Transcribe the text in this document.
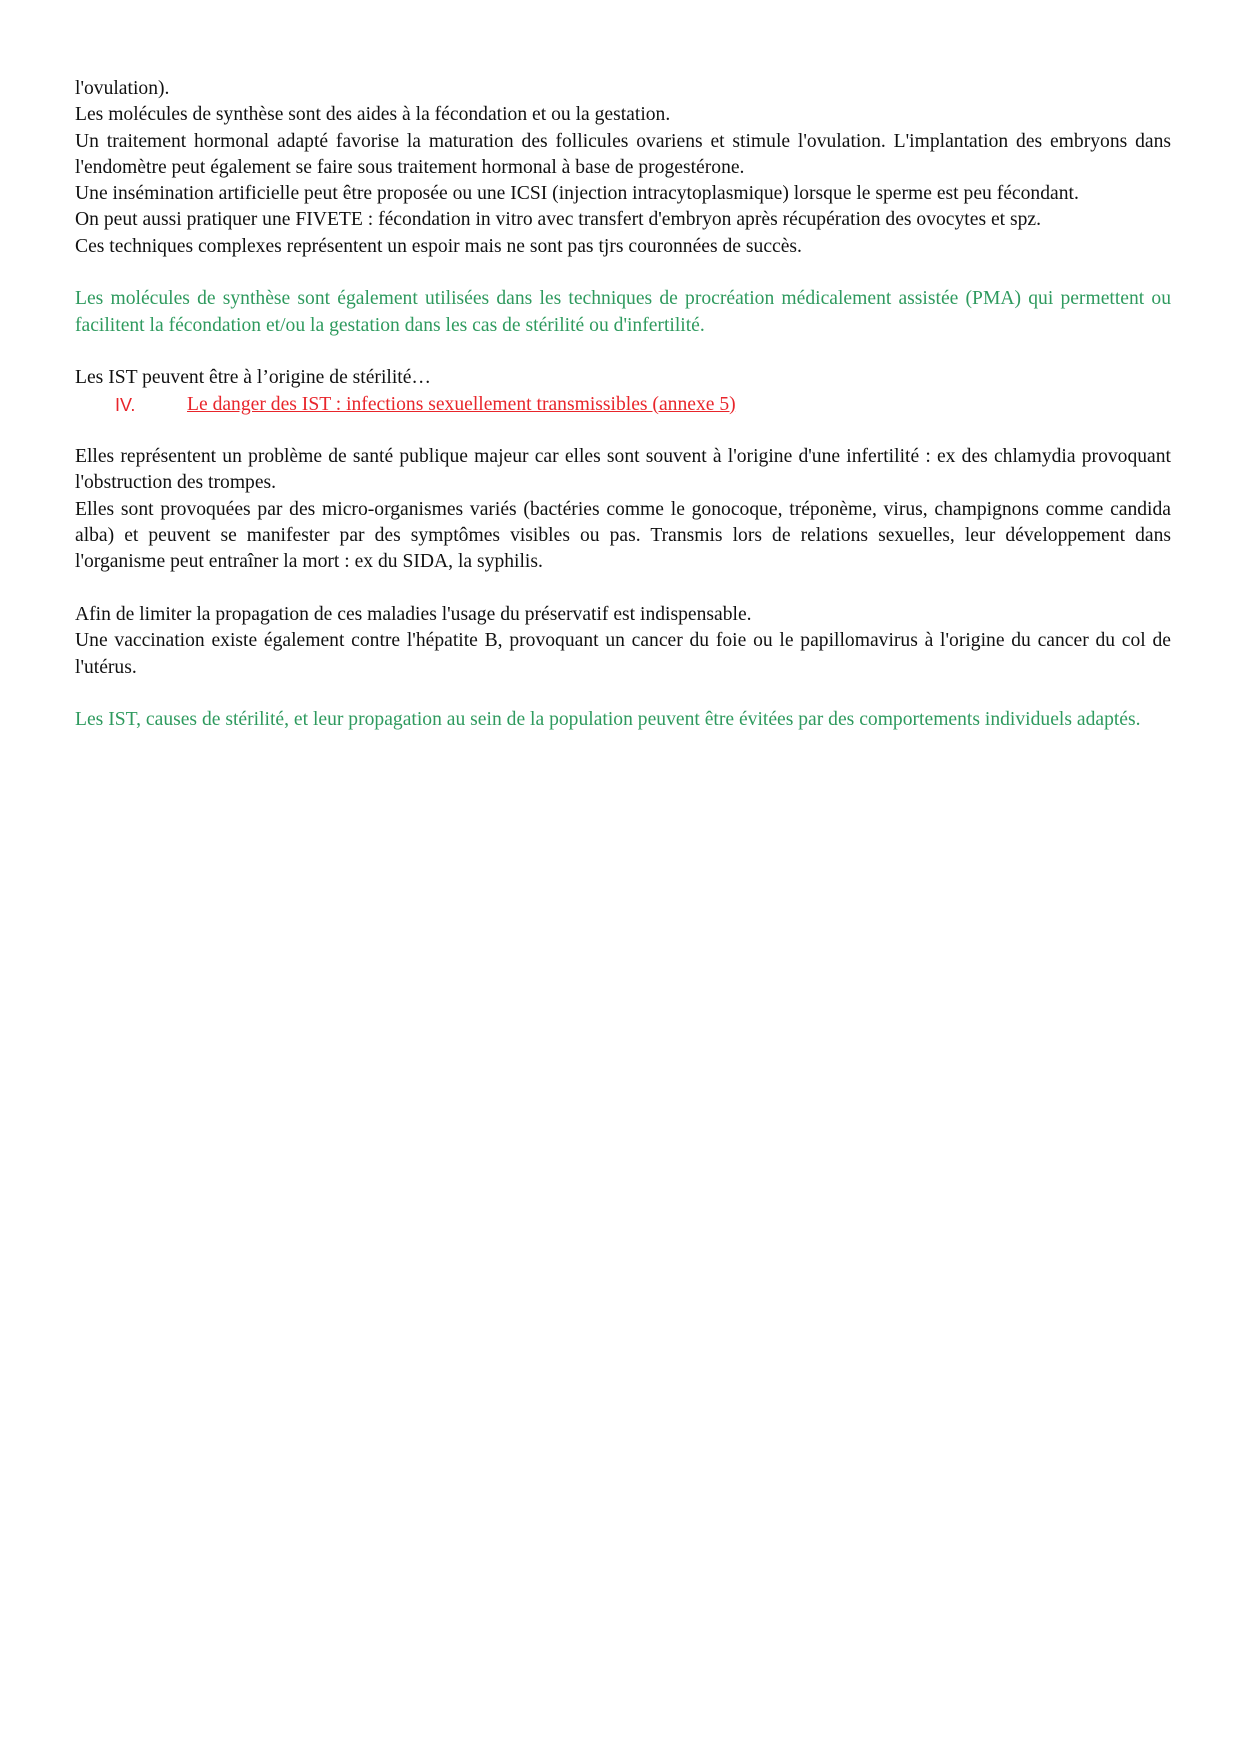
l'ovulation).

Les molécules de synthèse sont des aides à la fécondation et ou la gestation.

Un traitement hormonal adapté favorise la maturation des follicules ovariens et stimule l'ovulation. L'implantation des embryons dans l'endomètre peut également se faire sous traitement hormonal à base de progestérone.

Une insémination artificielle peut être proposée ou une ICSI (injection intracytoplasmique) lorsque le sperme est peu fécondant.

On peut aussi pratiquer une FIVETE : fécondation in vitro avec transfert d'embryon après récupération des ovocytes et spz.

Ces techniques complexes représentent un espoir mais ne sont pas tjrs couronnées de succès.

Les molécules de synthèse sont également utilisées dans les techniques de procréation médicalement assistée (PMA) qui permettent ou facilitent la fécondation et/ou la gestation dans les cas de stérilité ou d'infertilité.

Les IST peuvent être à l’origine de stérilité…

IV.	Le danger des IST : infections sexuellement transmissibles (annexe 5)

Elles représentent un problème de santé publique majeur car elles sont souvent à l'origine d'une infertilité : ex des chlamydia provoquant l'obstruction des trompes.

Elles sont provoquées par des micro-organismes variés (bactéries comme le gonocoque, tréponème, virus, champignons comme candida alba) et peuvent se manifester par des symptômes visibles ou pas. Transmis lors de relations sexuelles, leur développement dans l'organisme peut entraîner la mort : ex du SIDA, la syphilis.

Afin de limiter la propagation de ces maladies l'usage du préservatif est indispensable.

Une vaccination existe également contre l'hépatite B, provoquant un cancer du foie ou le papillomavirus à l'origine du cancer du col de l'utérus.

Les IST, causes de stérilité, et leur propagation au sein de la population peuvent être évitées par des comportements individuels adaptés.
